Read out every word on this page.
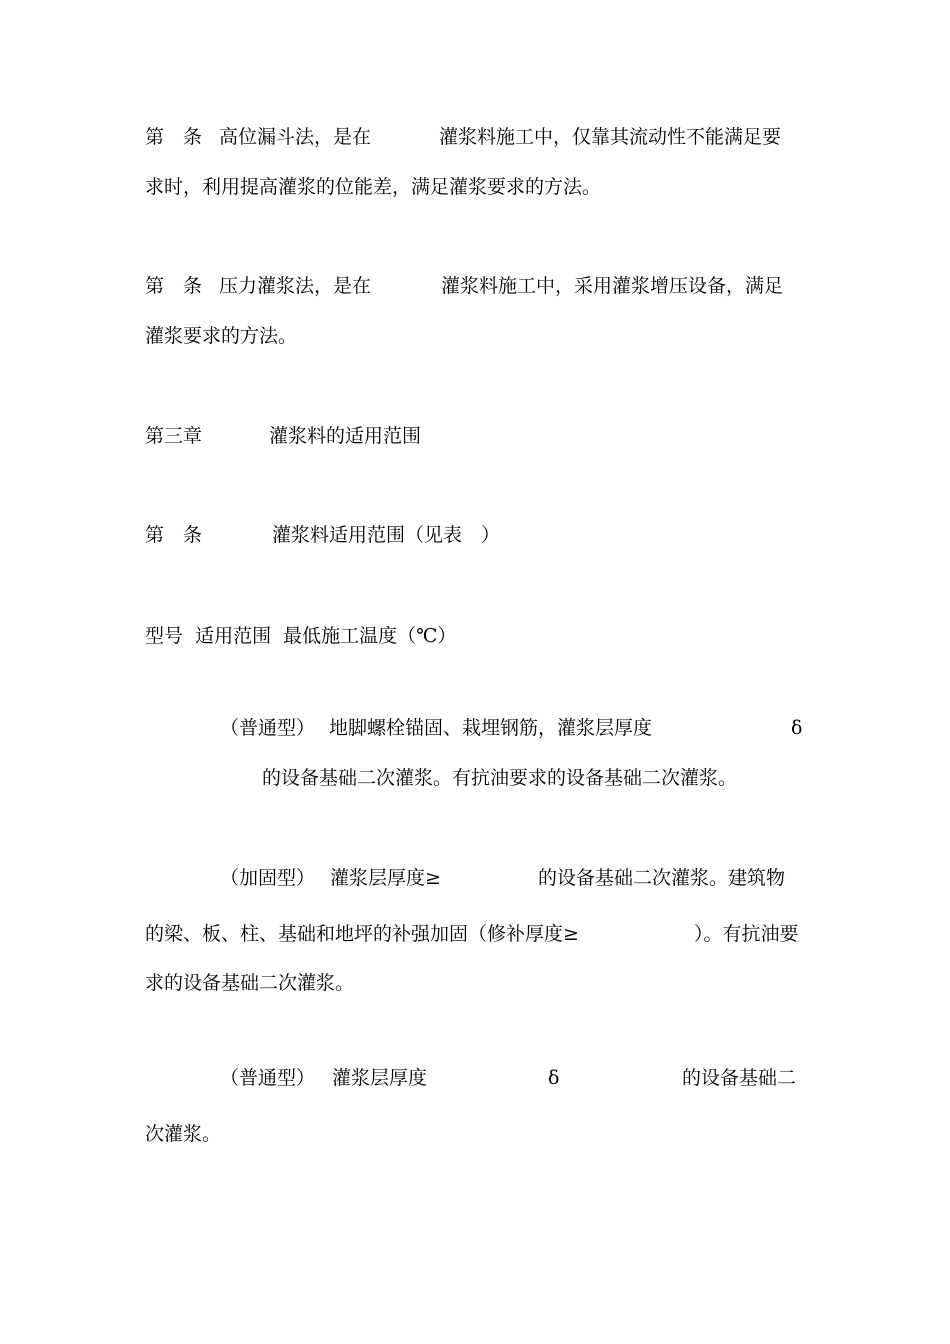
第　条 高位漏斗法，是在	灌浆料施工中，仅靠其流动性不能满足要
求时，利用提高灌浆的位能差，满足灌浆要求的方法。
第　条 压力灌浆法，是在	灌浆料施工中，采用灌浆增压设备，满足
灌浆要求的方法。
第三章	灌浆料的适用范围
第　条	灌浆料适用范围（见表　）
型号  适用范围  最低施工温度（℃）
（普通型） 地脚螺栓锚固、栽埋钢筋，灌浆层厚度	δ
的设备基础二次灌浆。有抗油要求的设备基础二次灌浆。
（加固型） 灌浆层厚度≥	的设备基础二次灌浆。建筑物
的梁、板、柱、基础和地坪的补强加固（修补厚度≥	）。有抗油要
求的设备基础二次灌浆。
（普通型） 灌浆层厚度	δ	的设备基础二
次灌浆。
